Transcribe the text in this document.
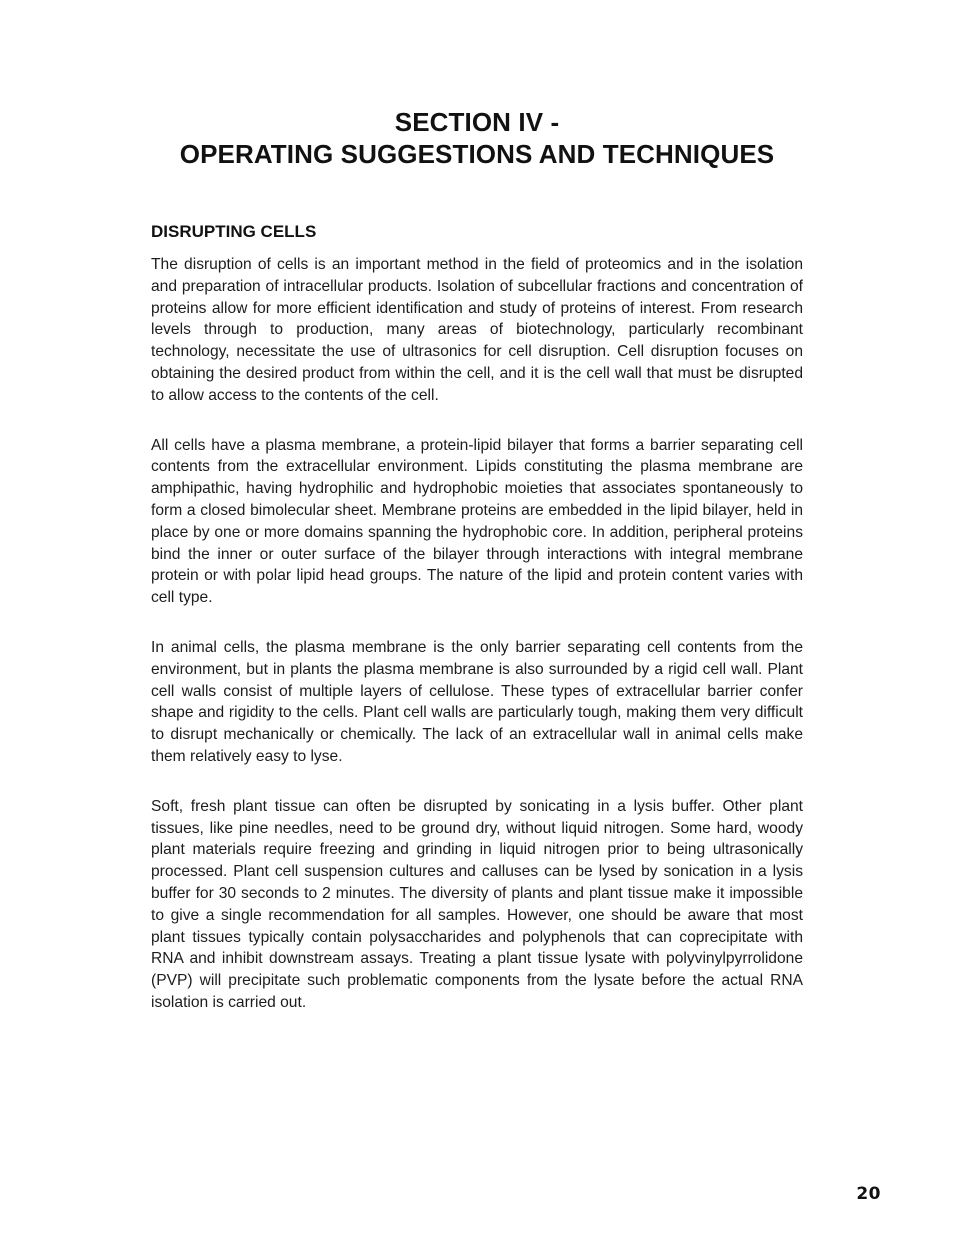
SECTION IV -
OPERATING SUGGESTIONS AND TECHNIQUES
DISRUPTING CELLS

The disruption of cells is an important method in the field of proteomics and in the isolation and preparation of intracellular products. Isolation of subcellular fractions and concentration of proteins allow for more efficient identification and study of proteins of interest. From research levels through to production, many areas of biotechnology, particularly recombinant technology, necessitate the use of ultrasonics for cell disruption. Cell disruption focuses on obtaining the desired product from within the cell, and it is the cell wall that must be disrupted to allow access to the contents of the cell.

All cells have a plasma membrane, a protein-lipid bilayer that forms a barrier separating cell contents from the extracellular environment. Lipids constituting the plasma membrane are amphipathic, having hydrophilic and hydrophobic moieties that associates spontaneously to form a closed bimolecular sheet. Membrane proteins are embedded in the lipid bilayer, held in place by one or more domains spanning the hydrophobic core. In addition, peripheral proteins bind the inner or outer surface of the bilayer through interactions with integral membrane protein or with polar lipid head groups. The nature of the lipid and protein content varies with cell type.

In animal cells, the plasma membrane is the only barrier separating cell contents from the environment, but in plants the plasma membrane is also surrounded by a rigid cell wall. Plant cell walls consist of multiple layers of cellulose. These types of extracellular barrier confer shape and rigidity to the cells. Plant cell walls are particularly tough, making them very difficult to disrupt mechanically or chemically. The lack of an extracellular wall in animal cells make them relatively easy to lyse.

Soft, fresh plant tissue can often be disrupted by sonicating in a lysis buffer. Other plant tissues, like pine needles, need to be ground dry, without liquid nitrogen. Some hard, woody plant materials require freezing and grinding in liquid nitrogen prior to being ultrasonically processed. Plant cell suspension cultures and calluses can be lysed by sonication in a lysis buffer for 30 seconds to 2 minutes. The diversity of plants and plant tissue make it impossible to give a single recommendation for all samples. However, one should be aware that most plant tissues typically contain polysaccharides and polyphenols that can coprecipitate with RNA and inhibit downstream assays. Treating a plant tissue lysate with polyvinylpyrrolidone (PVP) will precipitate such problematic components from the lysate before the actual RNA isolation is carried out.

20
